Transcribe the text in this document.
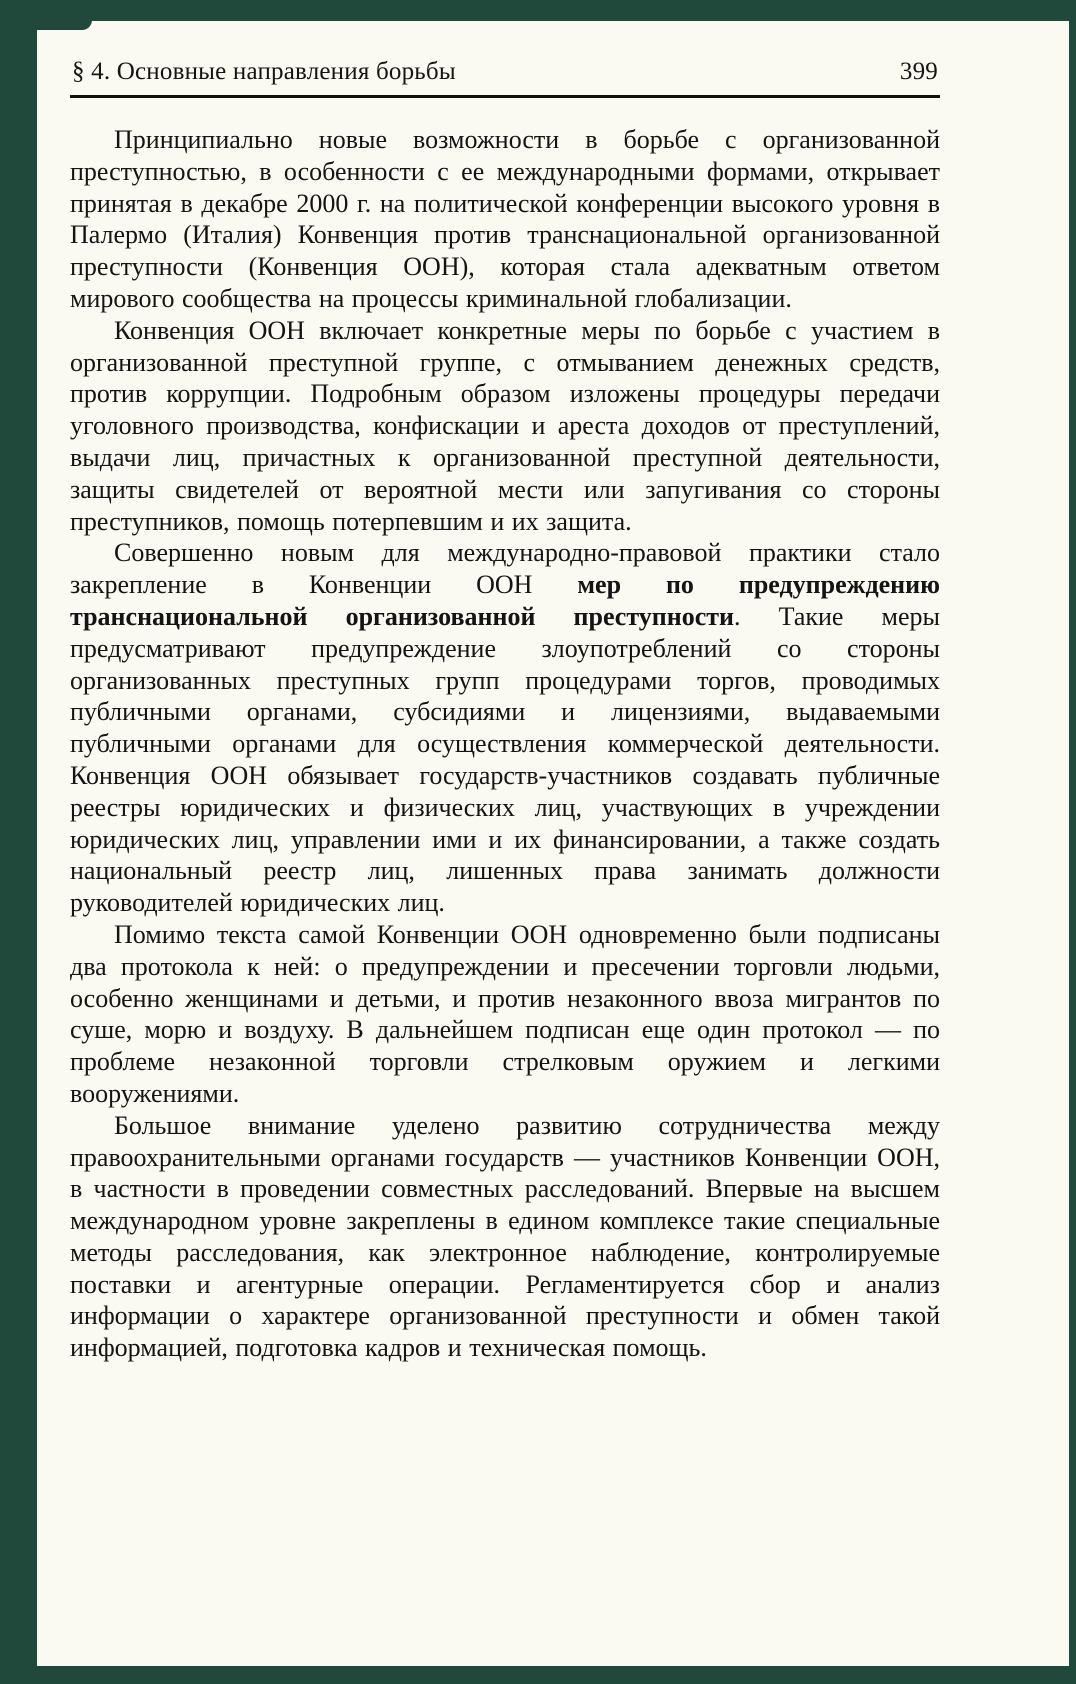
§ 4. Основные направления борьбы	399

Принципиально новые возможности в борьбе с организованной преступностью, в особенности с ее международными формами, открывает принятая в декабре 2000 г. на политической конференции высокого уровня в Палермо (Италия) Конвенция против транснациональной организованной преступности (Конвенция ООН), которая стала адекватным ответом мирового сообщества на процессы криминальной глобализации.

Конвенция ООН включает конкретные меры по борьбе с участием в организованной преступной группе, с отмыванием денежных средств, против коррупции. Подробным образом изложены процедуры передачи уголовного производства, конфискации и ареста доходов от преступлений, выдачи лиц, причастных к организованной преступной деятельности, защиты свидетелей от вероятной мести или запугивания со стороны преступников, помощь потерпевшим и их защита.

Совершенно новым для международно-правовой практики стало закрепление в Конвенции ООН мер по предупреждению транснациональной организованной преступности. Такие меры предусматривают предупреждение злоупотреблений со стороны организованных преступных групп процедурами торгов, проводимых публичными органами, субсидиями и лицензиями, выдаваемыми публичными органами для осуществления коммерческой деятельности. Конвенция ООН обязывает государств-участников создавать публичные реестры юридических и физических лиц, участвующих в учреждении юридических лиц, управлении ими и их финансировании, а также создать национальный реестр лиц, лишенных права занимать должности руководителей юридических лиц.

Помимо текста самой Конвенции ООН одновременно были подписаны два протокола к ней: о предупреждении и пресечении торговли людьми, особенно женщинами и детьми, и против незаконного ввоза мигрантов по суше, морю и воздуху. В дальнейшем подписан еще один протокол — по проблеме незаконной торговли стрелковым оружием и легкими вооружениями.

Большое внимание уделено развитию сотрудничества между правоохранительными органами государств — участников Конвенции ООН, в частности в проведении совместных расследований. Впервые на высшем международном уровне закреплены в едином комплексе такие специальные методы расследования, как электронное наблюдение, контролируемые поставки и агентурные операции. Регламентируется сбор и анализ информации о характере организованной преступности и обмен такой информацией, подготовка кадров и техническая помощь.
